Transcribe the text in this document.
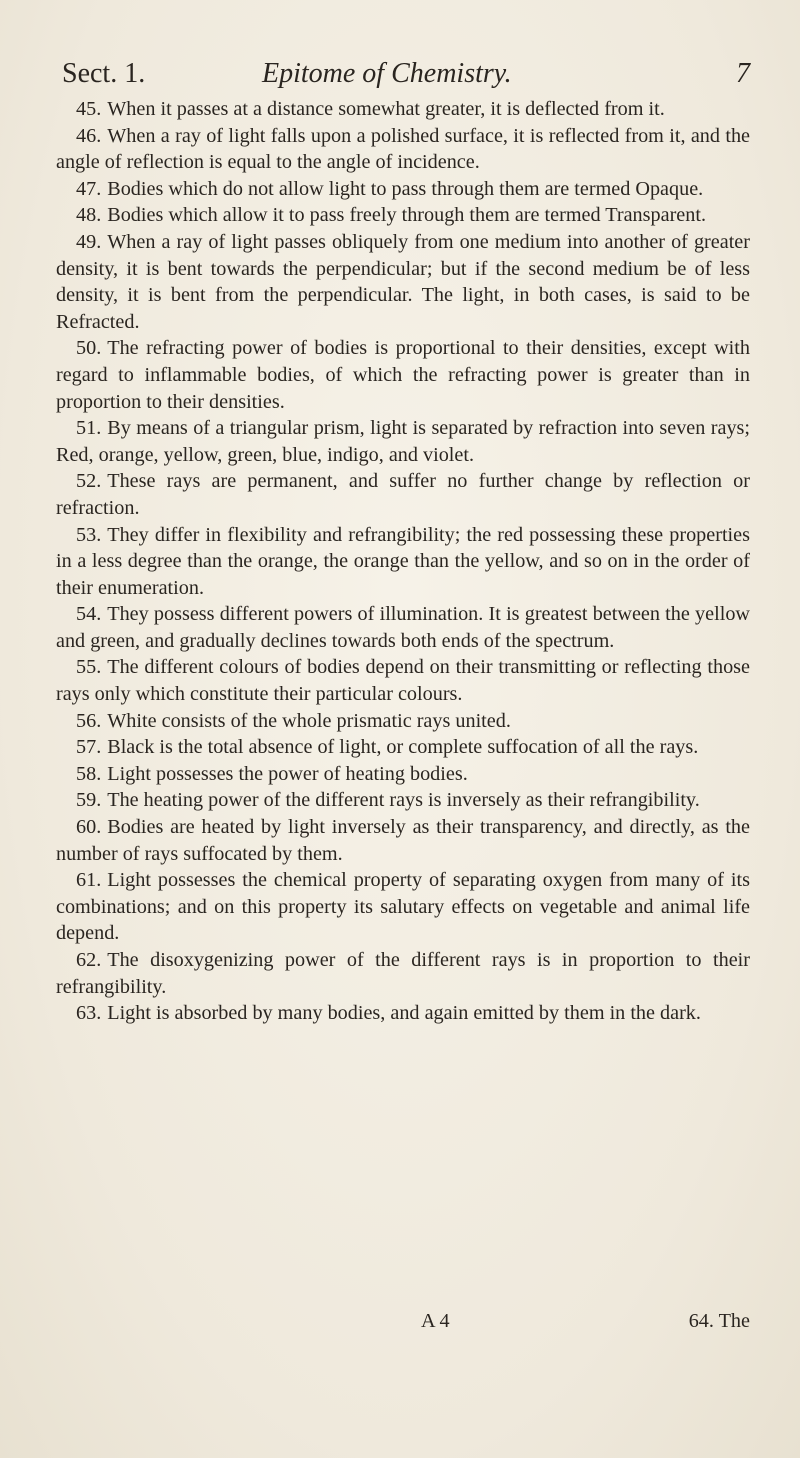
Sect. 1.	Epitome of Chemistry.	7

45. When it passes at a distance somewhat greater, it is deflected from it.

46. When a ray of light falls upon a polished surface, it is reflected from it, and the angle of reflection is equal to the angle of incidence.

47. Bodies which do not allow light to pass through them are termed Opaque.

48. Bodies which allow it to pass freely through them are termed Transparent.

49. When a ray of light passes obliquely from one medium into another of greater density, it is bent towards the perpendicular; but if the second medium be of less density, it is bent from the perpendicular. The light, in both cases, is said to be Refracted.

50. The refracting power of bodies is proportional to their densities, except with regard to inflammable bodies, of which the refracting power is greater than in proportion to their densities.

51. By means of a triangular prism, light is separated by refraction into seven rays; Red, orange, yellow, green, blue, indigo, and violet.

52. These rays are permanent, and suffer no further change by reflection or refraction.

53. They differ in flexibility and refrangibility; the red possessing these properties in a less degree than the orange, the orange than the yellow, and so on in the order of their enumeration.

54. They possess different powers of illumination. It is greatest between the yellow and green, and gradually declines towards both ends of the spectrum.

55. The different colours of bodies depend on their transmitting or reflecting those rays only which constitute their particular colours.

56. White consists of the whole prismatic rays united.

57. Black is the total absence of light, or complete suffocation of all the rays.

58. Light possesses the power of heating bodies.

59. The heating power of the different rays is inversely as their refrangibility.

60. Bodies are heated by light inversely as their transparency, and directly, as the number of rays suffocated by them.

61. Light possesses the chemical property of separating oxygen from many of its combinations; and on this property its salutary effects on vegetable and animal life depend.

62. The disoxygenizing power of the different rays is in proportion to their refrangibility.

63. Light is absorbed by many bodies, and again emitted by them in the dark.

A 4	64. The
